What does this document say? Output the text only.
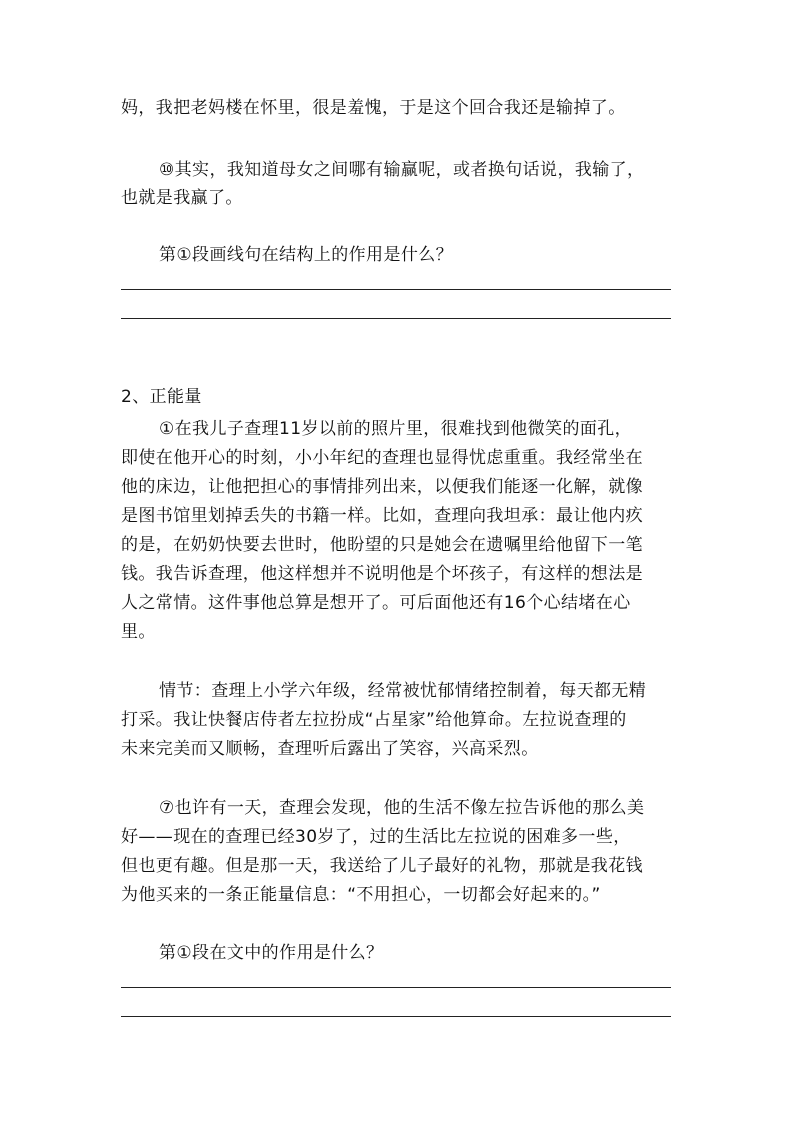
妈，我把老妈楼在怀里，很是羞愧，于是这个回合我还是输掉了。
⑩其实，我知道母女之间哪有输赢呢，或者换句话说，我输了，
也就是我赢了。
第①段画线句在结构上的作用是什么？
2、正能量
①在我儿子查理11岁以前的照片里，很难找到他微笑的面孔，
即使在他开心的时刻，小小年纪的查理也显得忧虑重重。我经常坐在
他的床边，让他把担心的事情排列出来，以便我们能逐一化解，就像
是图书馆里划掉丢失的书籍一样。比如，查理向我坦承：最让他内疚
的是，在奶奶快要去世时，他盼望的只是她会在遗嘱里给他留下一笔
钱。我告诉查理，他这样想并不说明他是个坏孩子，有这样的想法是
人之常情。这件事他总算是想开了。可后面他还有16个心结堵在心
里。
情节：查理上小学六年级，经常被忧郁情绪控制着，每天都无精
打采。我让快餐店侍者左拉扮成“占星家”给他算命。左拉说查理的
未来完美而又顺畅，查理听后露出了笑容，兴高采烈。
⑦也许有一天，查理会发现，他的生活不像左拉告诉他的那么美
好——现在的查理已经30岁了，过的生活比左拉说的困难多一些，
但也更有趣。但是那一天，我送给了儿子最好的礼物，那就是我花钱
为他买来的一条正能量信息：“不用担心，一切都会好起来的。”
第①段在文中的作用是什么？
